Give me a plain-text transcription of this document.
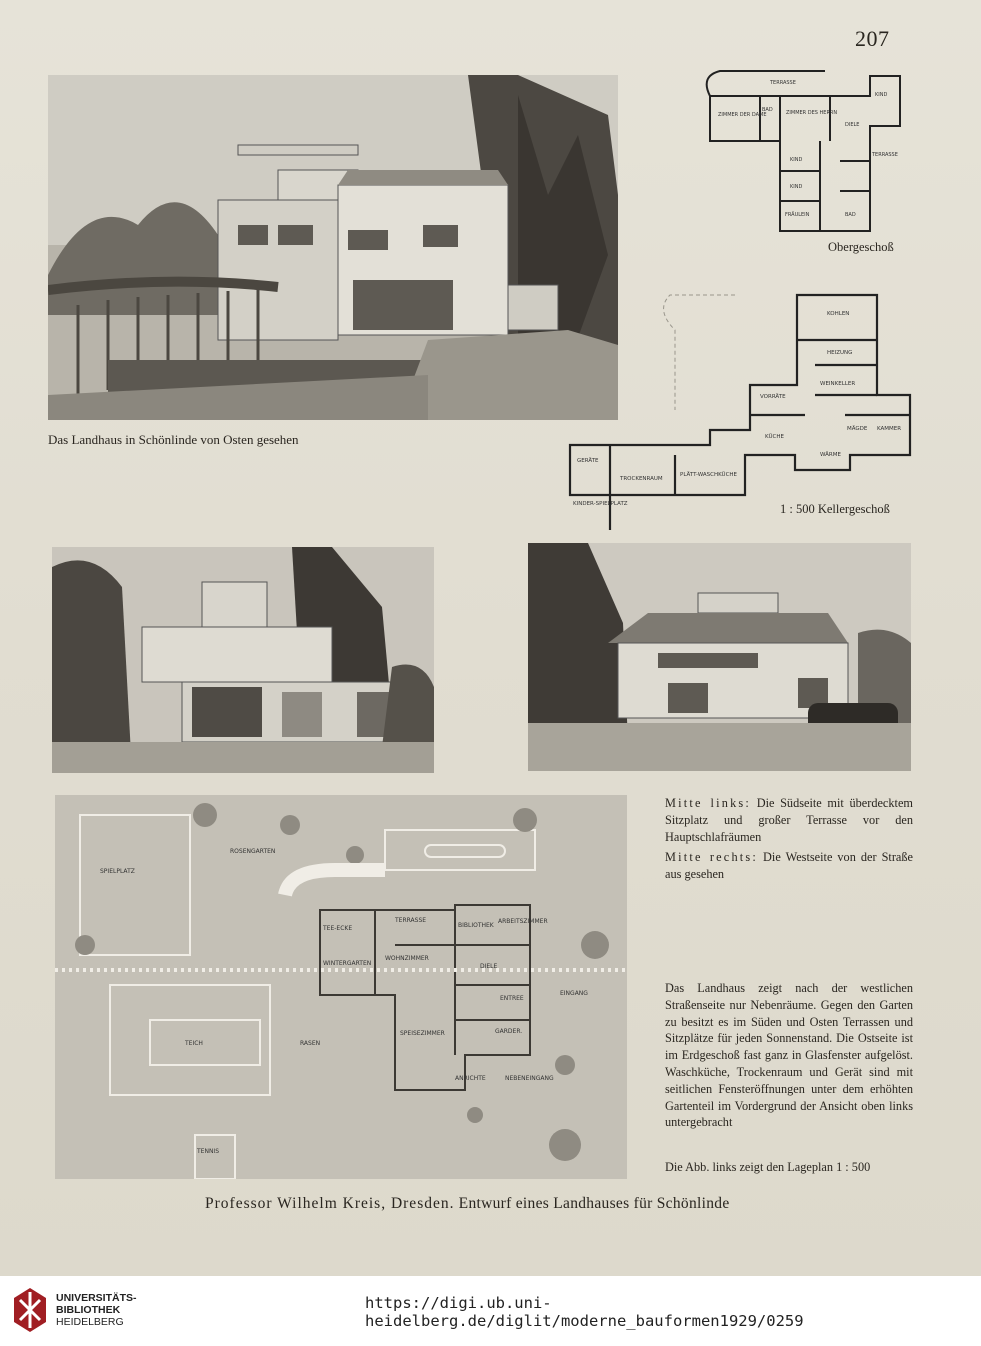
207
Das Landhaus in Schönlinde von Osten gesehen
TERRASSE
KIND
ZIMMER DER DAME
BAD	ZIMMER DES HERRN
DIELE
KIND
TERRASSE
KIND
FRÄULEIN	BAD
Obergeschoß
KOHLEN
HEIZUNG
WEINKELLER
VORRÄTE
MÄGDE KAMMER
KÜCHE
WÄRME
GERÄTE
TROCKENRAUM
PLÄTT-WASCHKÜCHE
KINDER-SPIELPLATZ	1 : 500 Kellergeschoß
ROSENGARTEN
SPIELPLATZ
TERRASSE
TEE-ECKE	BIBLIOTHEK
ARBEITSZIMMER
WINTERGARTEN
WOHNZIMMER
DIELE
ENTREE
EINGANG
SPEISEZIMMER	GARDER.
ANRICHTE	NEBENEINGANG
TEICH	RASEN
TENNIS
Mitte links: Die Südseite mit überdecktem Sitzplatz und großer Terrasse vor den Hauptschlafräumen
Mitte rechts: Die Westseite von der Straße aus gesehen
Das Landhaus zeigt nach der westlichen Straßenseite nur Nebenräume. Gegen den Garten zu besitzt es im Süden und Osten Terrassen und Sitzplätze für jeden Sonnenstand. Die Ostseite ist im Erdgeschoß fast ganz in Glasfenster aufgelöst. Waschküche, Trockenraum und Gerät sind mit seitlichen Fensteröffnungen unter dem erhöhten Gartenteil im Vordergrund der Ansicht oben links untergebracht
Die Abb. links zeigt den Lageplan 1 : 500
Professor Wilhelm Kreis, Dresden. Entwurf eines Landhauses für Schönlinde
UNIVERSITÄTS-
BIBLIOTHEK
HEIDELBERG
https://digi.ub.uni-heidelberg.de/diglit/moderne_bauformen1929/0259
